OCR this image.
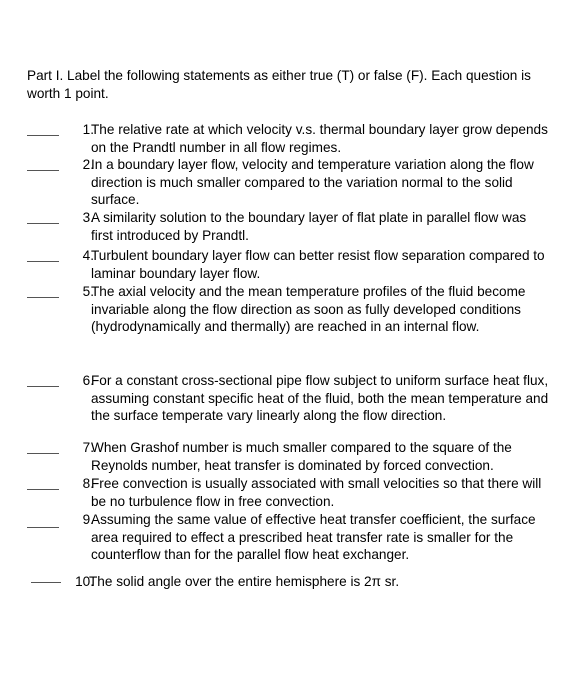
Part I. Label the following statements as either true (T) or false (F). Each question is worth 1 point.
1.
The relative rate at which velocity v.s. thermal boundary layer grow depends on the Prandtl number in all flow regimes.
2.
In a boundary layer flow, velocity and temperature variation along the flow direction is much smaller compared to the variation normal to the solid surface.
3.
A similarity solution to the boundary layer of flat plate in parallel flow was first introduced by Prandtl.
4.
Turbulent boundary layer flow can better resist flow separation compared to laminar boundary layer flow.
5.
The axial velocity and the mean temperature profiles of the fluid become invariable along the flow direction as soon as fully developed conditions (hydrodynamically and thermally) are reached in an internal flow.
6.
For a constant cross-sectional pipe flow subject to uniform surface heat flux, assuming constant specific heat of the fluid, both the mean temperature and the surface temperate vary linearly along the flow direction.
7.
When Grashof number is much smaller compared to the square of the Reynolds number, heat transfer is dominated by forced convection.
8.
Free convection is usually associated with small velocities so that there will be no turbulence flow in free convection.
9.
Assuming the same value of effective heat transfer coefficient, the surface area required to effect a prescribed heat transfer rate is smaller for the counterflow than for the parallel flow heat exchanger.
10.
The solid angle over the entire hemisphere is 2π sr.
